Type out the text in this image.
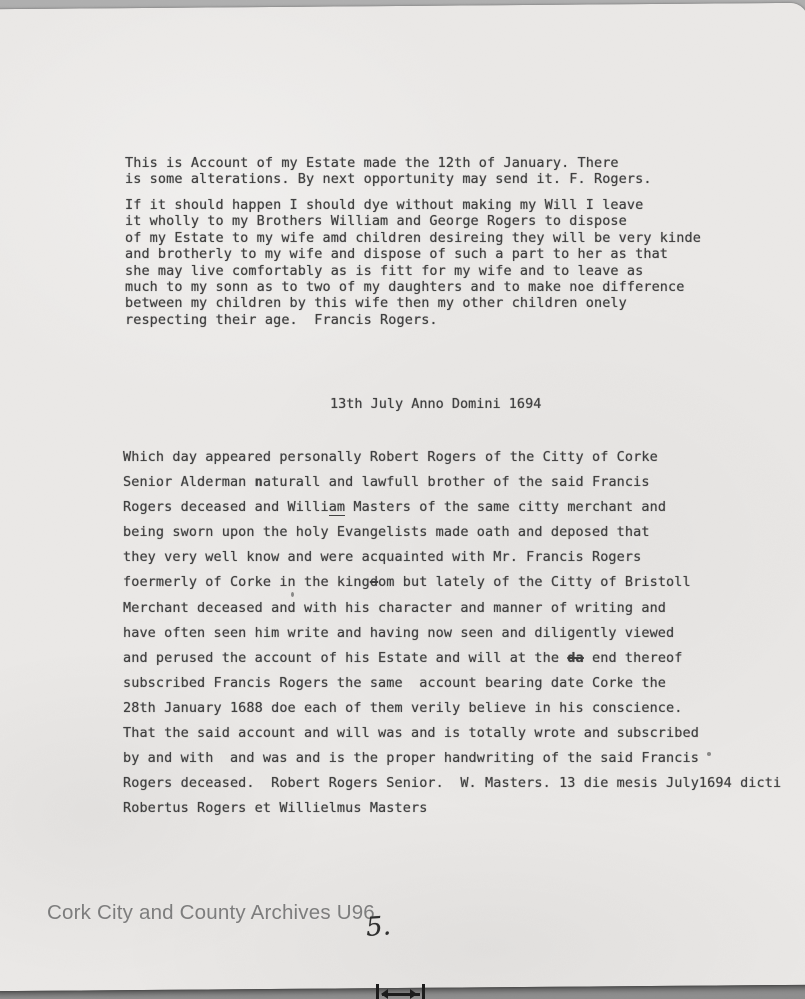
This is Account of my Estate made the 12th of January. There
is some alterations. By next opportunity may send it. F. Rogers.
If it should happen I should dye without making my Will I leave
it wholly to my Brothers William and George Rogers to dispose
of my Estate to my wife amd children desireing they will be very kinde
and brotherly to my wife and dispose of such a part to her as that
she may live comfortably as is fitt for my wife and to leave as
much to my sonn as to two of my daughters and to make noe difference
between my children by this wife then my other children onely
respecting their age.  Francis Rogers.
13th July Anno Domini 1694
Which day appeared personally Robert Rogers of the Citty of Corke
Senior Alderman naturall and lawfull brother of the said Francis
Rogers deceased and William Masters of the same citty merchant and
being sworn upon the holy Evangelists made oath and deposed that
they very well know and were acquainted with Mr. Francis Rogers
foermerly of Corke in the kingdom but lately of the Citty of Bristoll
Merchant deceased and with his character and manner of writing and
have often seen him write and having now seen and diligently viewed
and perused the account of his Estate and will at the da end thereof
subscribed Francis Rogers the same  account bearing date Corke the
28th January 1688 doe each of them verily believe in his conscience.
That the said account and will was and is totally wrote and subscribed
by and with  and was and is the proper handwriting of the said Francis
Rogers deceased.  Robert Rogers Senior.  W. Masters. 13 die mesis July1694 dicti
Robertus Rogers et Willielmus Masters
Cork City and County Archives U96
5.
